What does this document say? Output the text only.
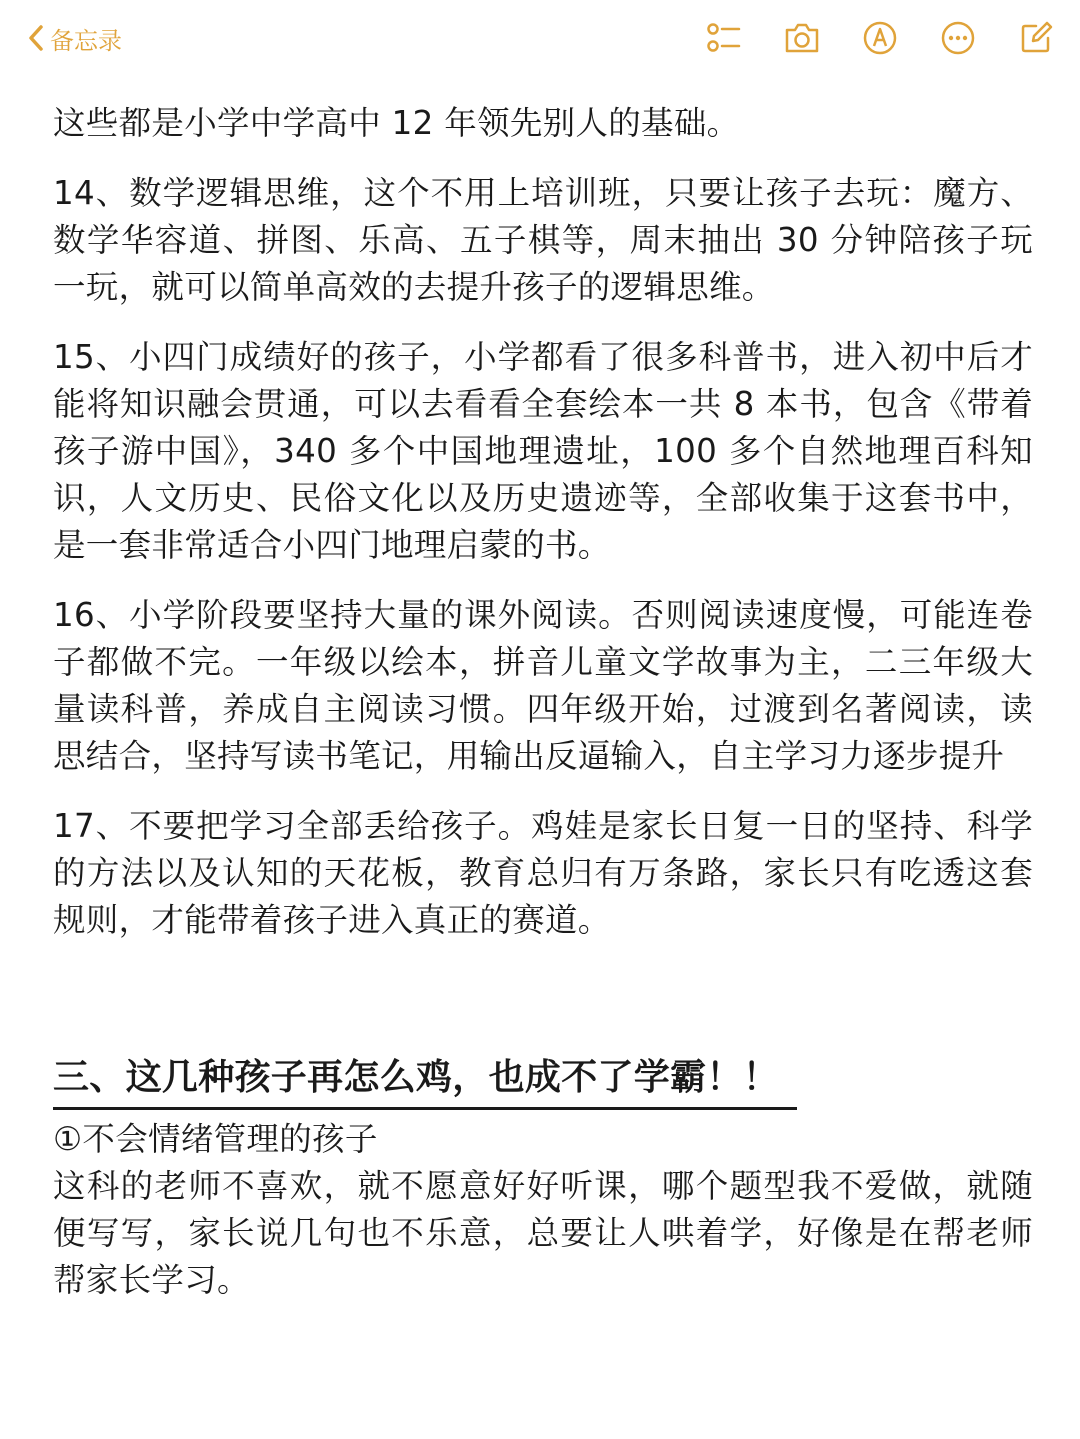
备忘录

这些都是小学中学高中 12 年领先别人的基础。

14、数学逻辑思维，这个不用上培训班，只要让孩子去玩：魔方、数学华容道、拼图、乐高、五子棋等，周末抽出 30 分钟陪孩子玩一玩，就可以简单高效的去提升孩子的逻辑思维。

15、小四门成绩好的孩子，小学都看了很多科普书，进入初中后才能将知识融会贯通，可以去看看全套绘本一共 8 本书，包含《带着孩子游中国》，340 多个中国地理遗址，100 多个自然地理百科知识，人文历史、民俗文化以及历史遗迹等，全部收集于这套书中，是一套非常适合小四门地理启蒙的书。

16、小学阶段要坚持大量的课外阅读。否则阅读速度慢，可能连卷子都做不完。一年级以绘本，拼音儿童文学故事为主，二三年级大量读科普，养成自主阅读习惯。四年级开始，过渡到名著阅读，读思结合，坚持写读书笔记，用输出反逼输入，自主学习力逐步提升

17、不要把学习全部丢给孩子。鸡娃是家长日复一日的坚持、科学的方法以及认知的天花板，教育总归有万条路，家长只有吃透这套规则，才能带着孩子进入真正的赛道。

三、这几种孩子再怎么鸡，也成不了学霸！！

①不会情绪管理的孩子

这科的老师不喜欢，就不愿意好好听课，哪个题型我不爱做，就随便写写，家长说几句也不乐意，总要让人哄着学，好像是在帮老师帮家长学习。
